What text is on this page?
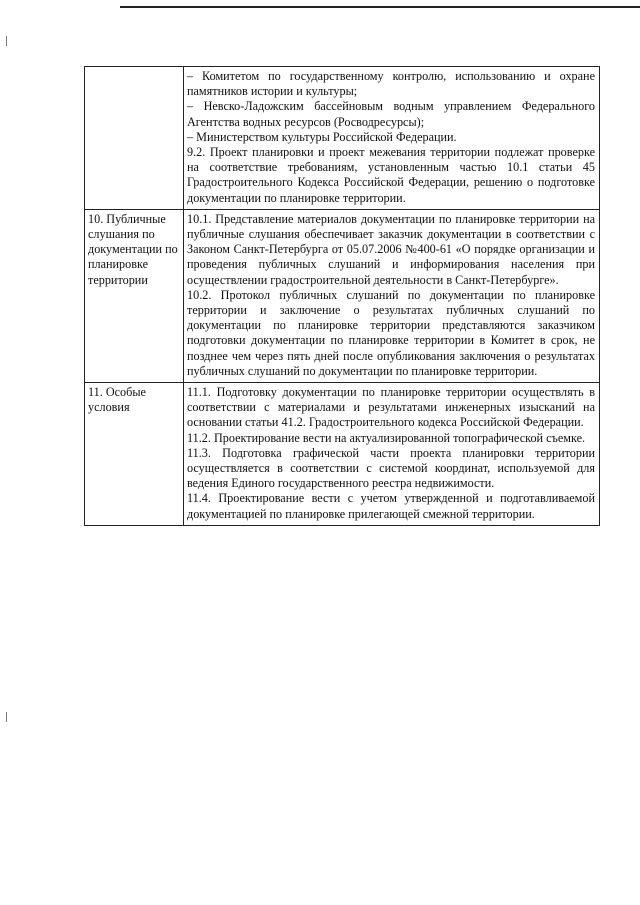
	– Комитетом по государственному контролю, использованию и охране памятников истории и культуры;

– Невско-Ладожским бассейновым водным управлением Федерального Агентства водных ресурсов (Росводресурсы);

– Министерством культуры Российской Федерации.

9.2. Проект планировки и проект межевания территории подлежат проверке на соответствие требованиям, установленным частью 10.1 статьи 45 Градостроительного Кодекса Российской Федерации, решению о подготовке документации по планировке территории.

10. Публичные слушания по документации по планировке территории	10.1. Представление материалов документации по планировке территории на публичные слушания обеспечивает заказчик документации в соответствии с Законом Санкт-Петербурга от 05.07.2006 №400-61 «О порядке организации и проведения публичных слушаний и информирования населения при осуществлении градостроительной деятельности в Санкт-Петербурге».

10.2. Протокол публичных слушаний по документации по планировке территории и заключение о результатах публичных слушаний по документации по планировке территории представляются заказчиком подготовки документации по планировке территории в Комитет в срок, не позднее чем через пять дней после опубликования заключения о результатах публичных слушаний по документации по планировке территории.

11. Особые условия	11.1. Подготовку документации по планировке территории осуществлять в соответствии с материалами и результатами инженерных изысканий на основании статьи 41.2. Градостроительного кодекса Российской Федерации.

11.2. Проектирование вести на актуализированной топографической съемке.

11.3. Подготовка графической части проекта планировки территории осуществляется в соответствии с системой координат, используемой для ведения Единого государственного реестра недвижимости.

11.4. Проектирование вести с учетом утвержденной и подготавливаемой документацией по планировке прилегающей смежной территории.
